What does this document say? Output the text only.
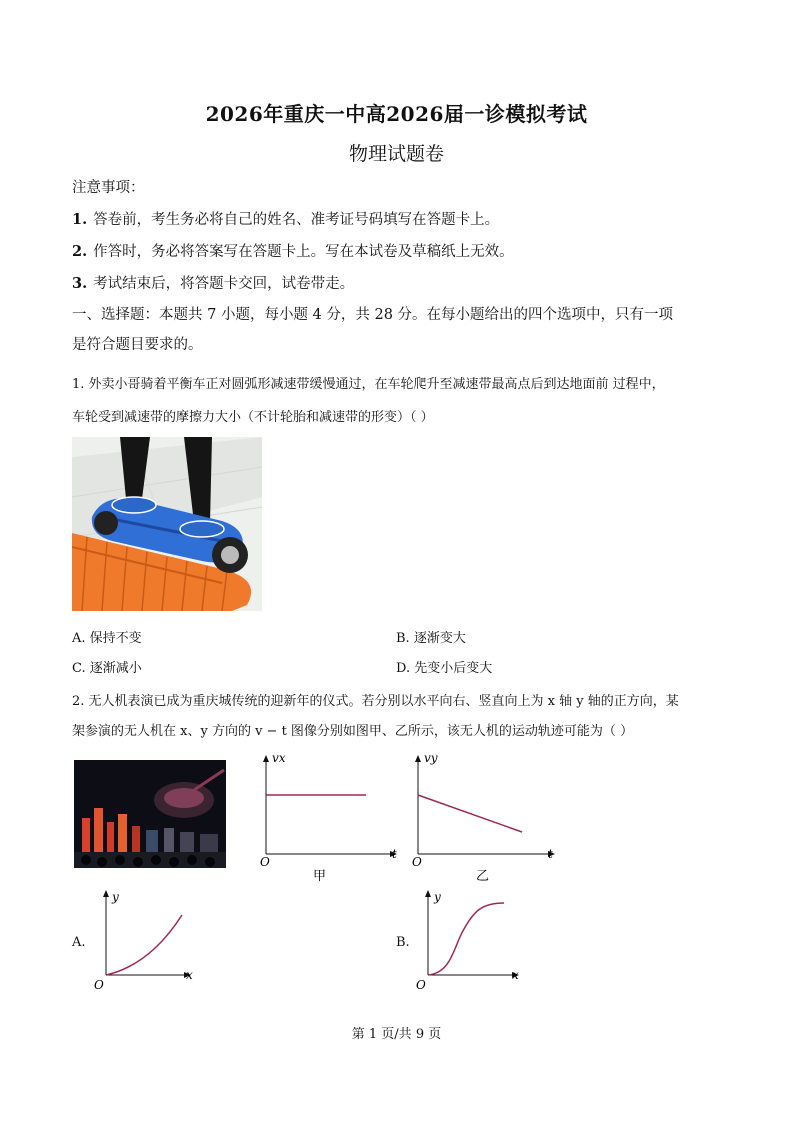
2026年重庆一中高2026届一诊模拟考试
物理试题卷
注意事项：
1. 答卷前，考生务必将自己的姓名、准考证号码填写在答题卡上。
2. 作答时，务必将答案写在答题卡上。写在本试卷及草稿纸上无效。
3. 考试结束后，将答题卡交回，试卷带走。
一、选择题：本题共 7 小题，每小题 4 分，共 28 分。在每小题给出的四个选项中，只有一项
是符合题目要求的。
1. 外卖小哥骑着平衡车正对圆弧形减速带缓慢通过，在车轮爬升至减速带最高点后到达地面前 过程中，
车轮受到减速带的摩擦力大小（不计轮胎和减速带的形变）（ ）
A. 保持不变	B. 逐渐变大
C. 逐渐减小	D. 先变小后变大
2. 无人机表演已成为重庆城传统的迎新年的仪式。若分别以水平向右、竖直向上为 x 轴 y 轴的正方向，某
架参演的无人机在 x、y 方向的 v − t 图像分别如图甲、乙所示，该无人机的运动轨迹可能为（ ）
vx
t
O
甲
vy
t
O
乙
A.
y
x
O
B.
y
x
O
第 1 页/共 9 页
